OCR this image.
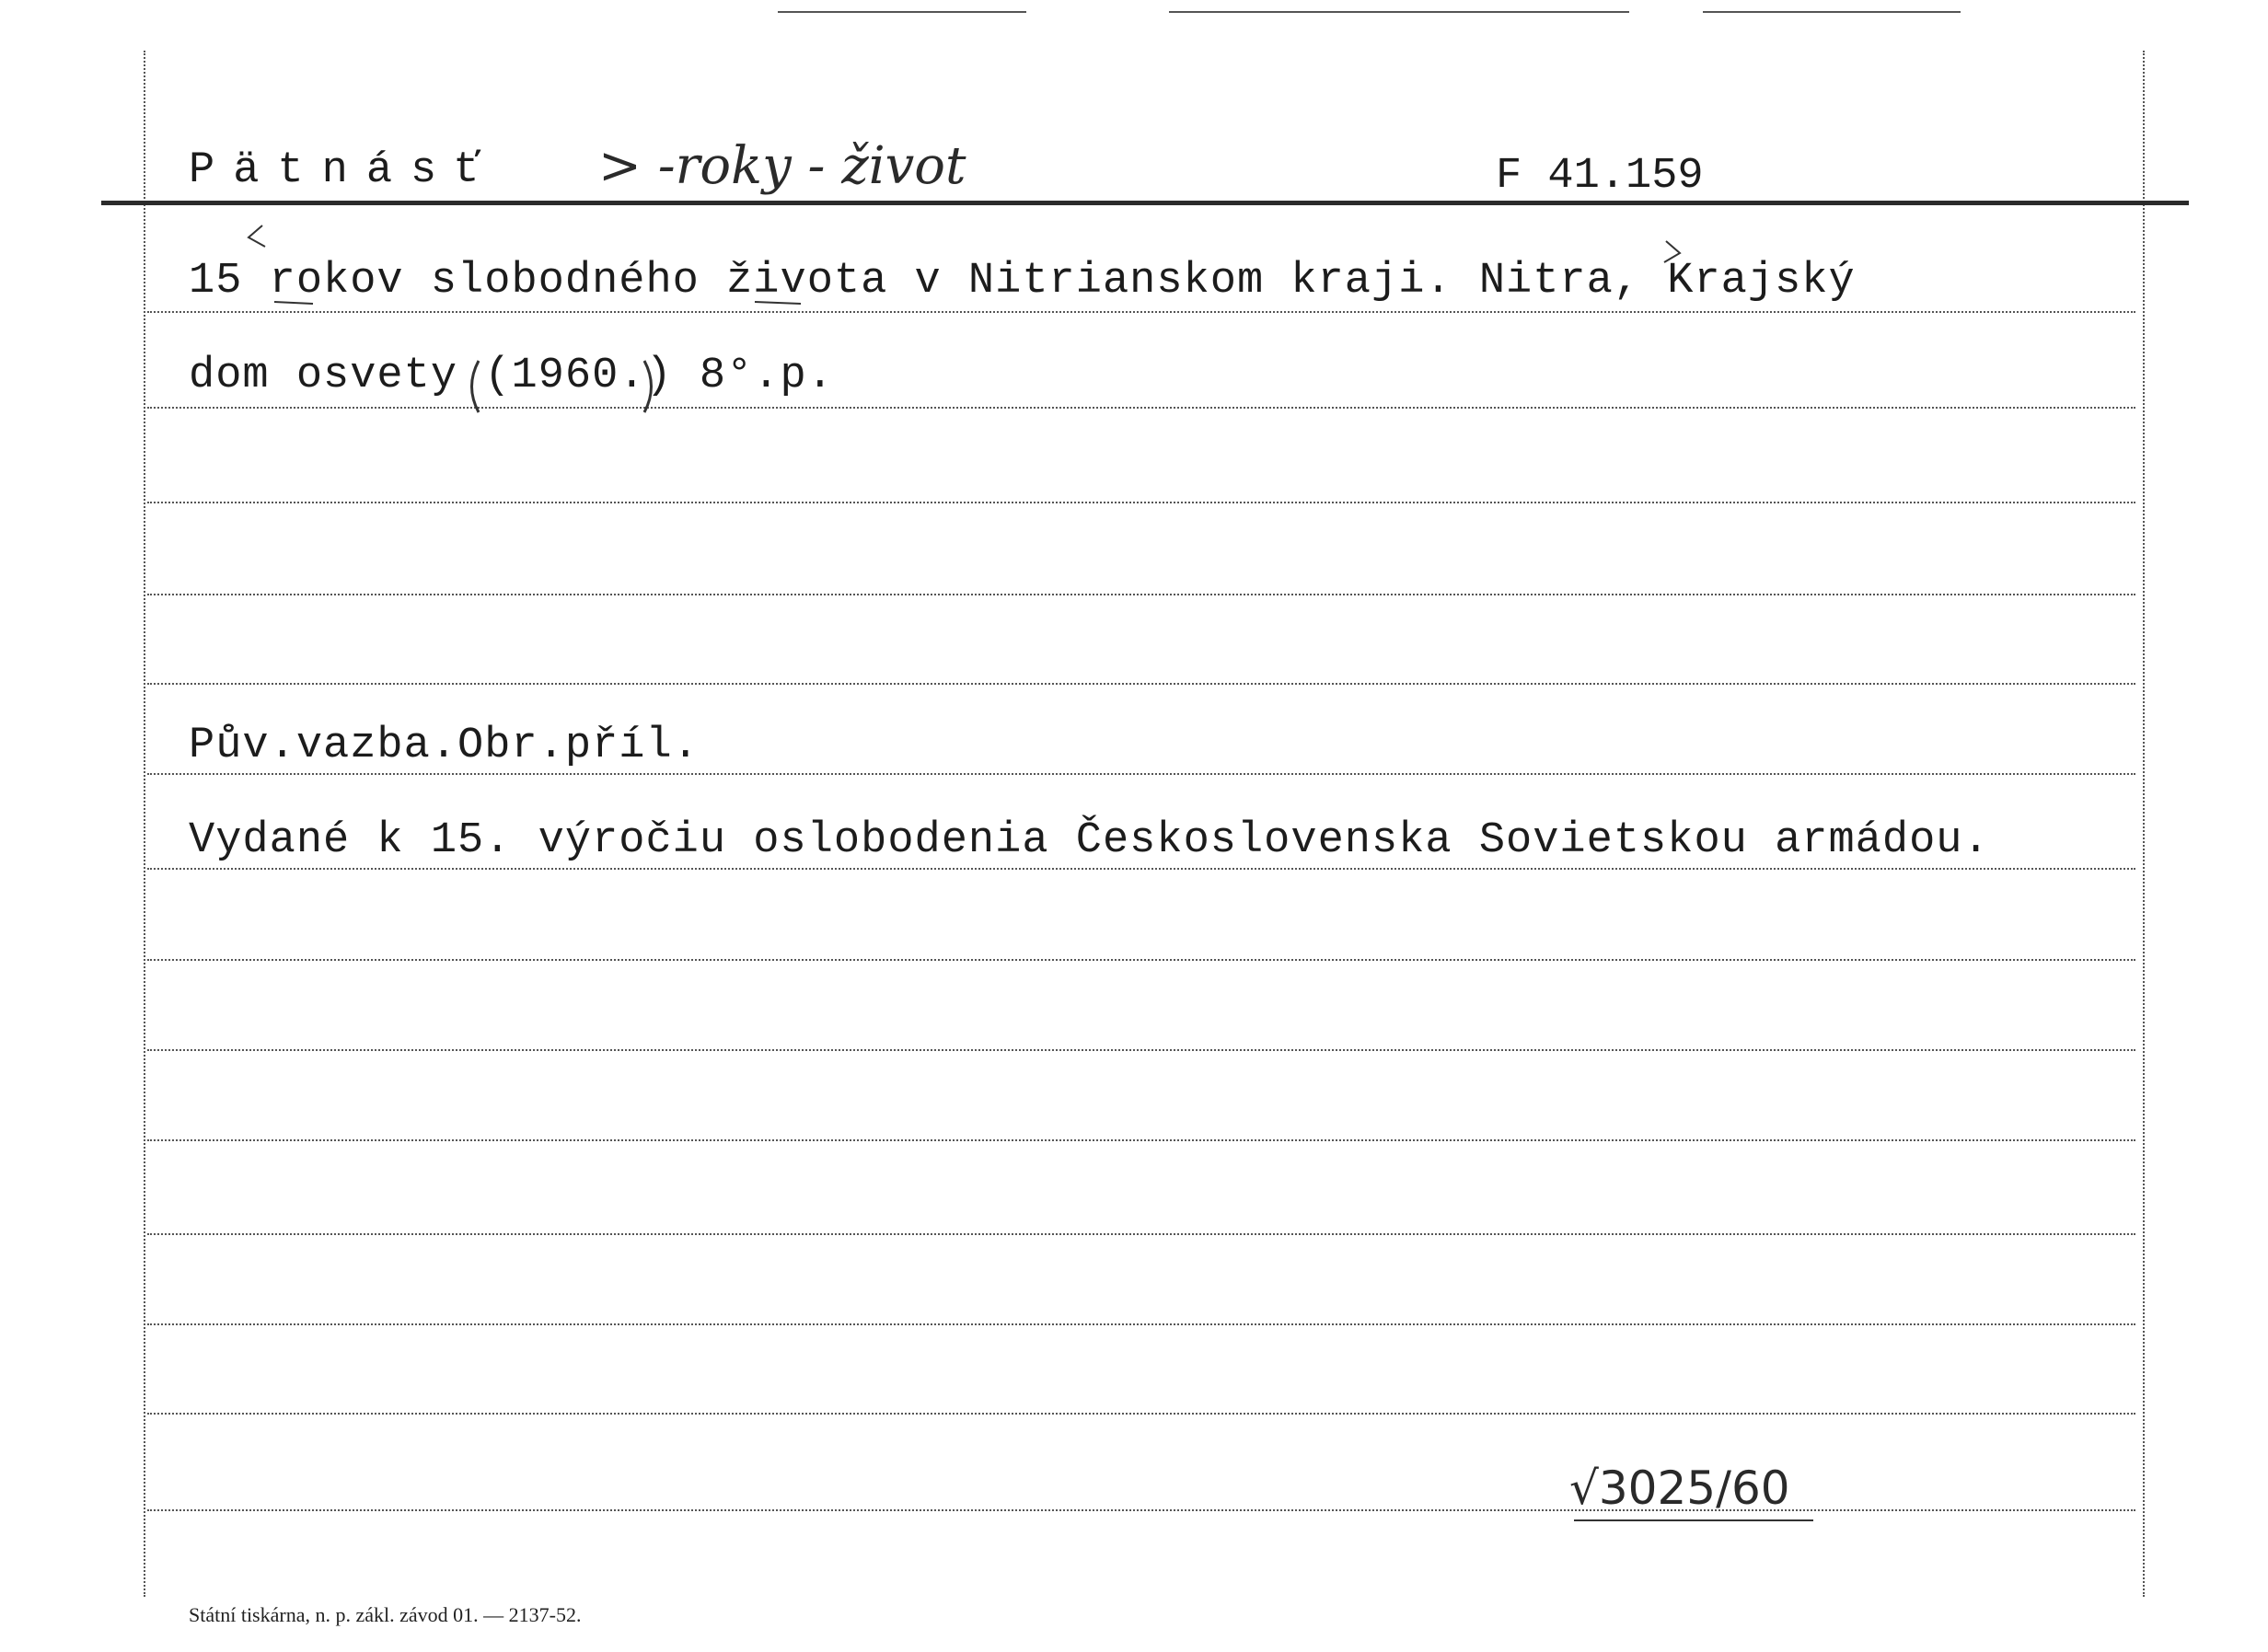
Pätnásť > -roky - život	F 41.159
15 rokov slobodného života v Nitrianskom kraji. Nitra, Krajský
dom osvety (1960.) 8°.p.
Pův.vazba.Obr.příl.
Vydané k 15. výročiu oslobodenia Československa Sovietskou armádou.
√3025/60
Státní tiskárna, n. p. zákl. závod 01. — 2137-52.
